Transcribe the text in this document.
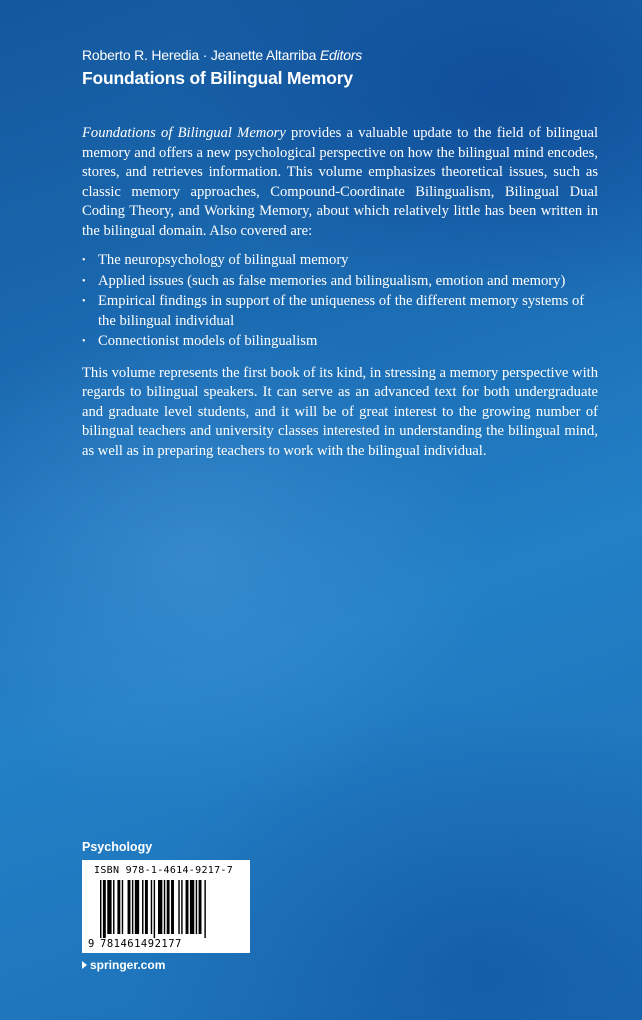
Roberto R. Heredia · Jeanette Altarriba Editors
Foundations of Bilingual Memory

Foundations of Bilingual Memory provides a valuable update to the field of bilingual memory and offers a new psychological perspective on how the bilingual mind encodes, stores, and retrieves information. This volume emphasizes theoretical issues, such as classic memory approaches, Compound-Coordinate Bilingualism, Bilingual Dual Coding Theory, and Working Memory, about which relatively little has been written in the bilingual domain. Also covered are:

• The neuropsychology of bilingual memory
• Applied issues (such as false memories and bilingualism, emotion and memory)
• Empirical findings in support of the uniqueness of the different memory systems of the bilingual individual
• Connectionist models of bilingualism

This volume represents the first book of its kind, in stressing a memory perspective with regards to bilingual speakers. It can serve as an advanced text for both undergraduate and graduate level students, and it will be of great interest to the growing number of bilingual teachers and university classes interested in understanding the bilingual mind, as well as in preparing teachers to work with the bilingual individual.

Psychology
ISBN 978-1-4614-9217-7
9 781461492177
springer.com
